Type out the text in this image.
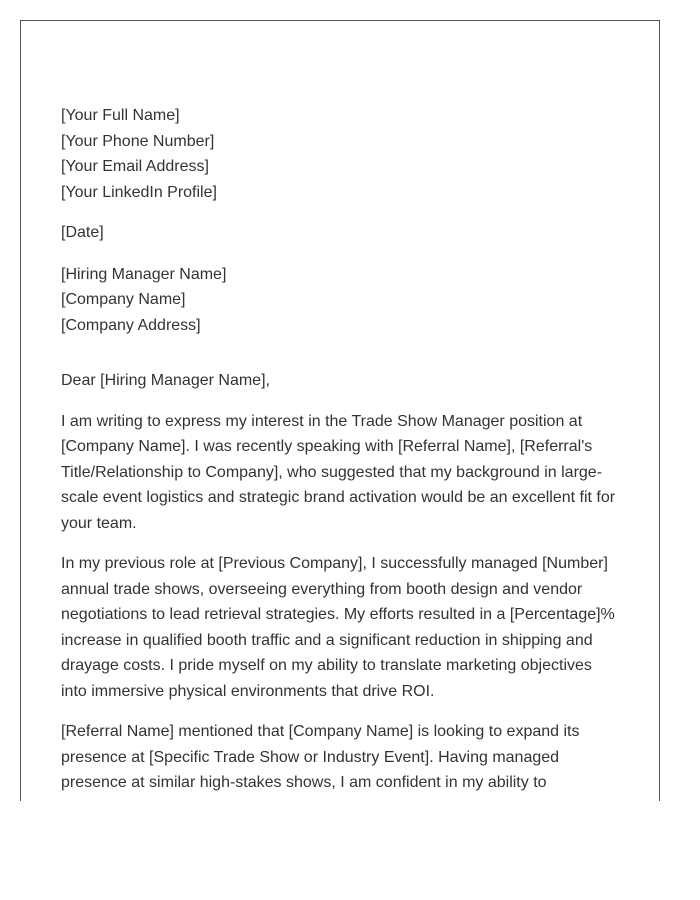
[Your Full Name]
[Your Phone Number]
[Your Email Address]
[Your LinkedIn Profile]
[Date]
[Hiring Manager Name]
[Company Name]
[Company Address]
Dear [Hiring Manager Name],

I am writing to express my interest in the Trade Show Manager position at [Company Name]. I was recently speaking with [Referral Name], [Referral's Title/Relationship to Company], who suggested that my background in large-scale event logistics and strategic brand activation would be an excellent fit for your team.

In my previous role at [Previous Company], I successfully managed [Number] annual trade shows, overseeing everything from booth design and vendor negotiations to lead retrieval strategies. My efforts resulted in a [Percentage]% increase in qualified booth traffic and a significant reduction in shipping and drayage costs. I pride myself on my ability to translate marketing objectives into immersive physical environments that drive ROI.

[Referral Name] mentioned that [Company Name] is looking to expand its presence at [Specific Trade Show or Industry Event]. Having managed presence at similar high-stakes shows, I am confident in my ability to
